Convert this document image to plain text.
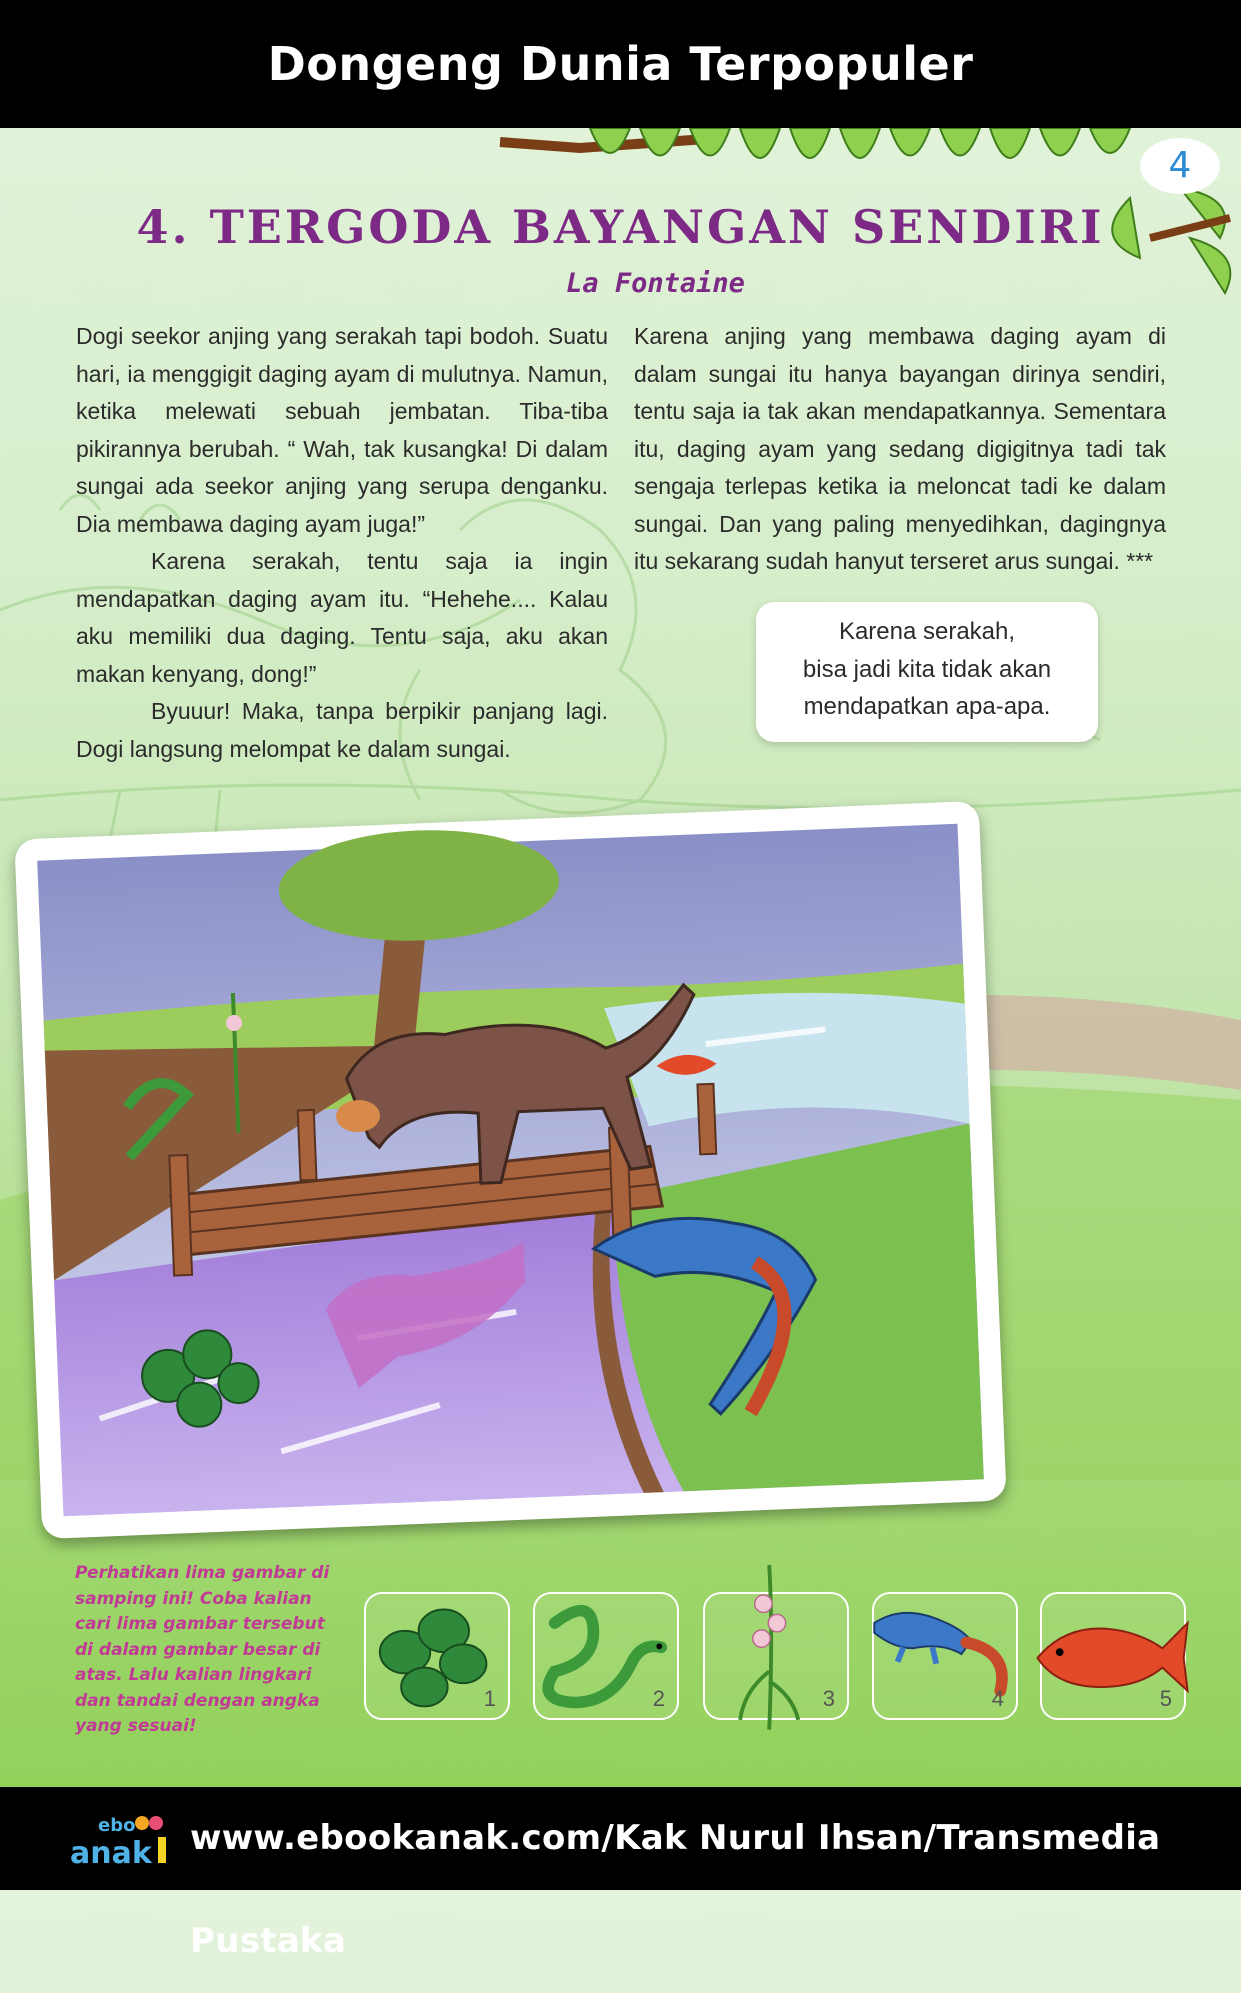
Dongeng Dunia Terpopuler
4
4. TERGODA BAYANGAN SENDIRI
La Fontaine

Dogi seekor anjing yang serakah tapi bodoh. Suatu hari, ia menggigit daging ayam di mulutnya. Namun, ketika melewati sebuah jembatan. Tiba-tiba pikirannya berubah. “ Wah, tak kusangka! Di dalam sungai ada seekor anjing yang serupa denganku. Dia membawa daging ayam juga!”

Karena serakah, tentu saja ia ingin mendapatkan daging ayam itu. “Hehehe.... Kalau aku memiliki dua daging. Tentu saja, aku akan makan kenyang, dong!”

Byuuur! Maka, tanpa berpikir panjang lagi. Dogi langsung melompat ke dalam sungai.

Karena anjing yang membawa daging ayam di dalam sungai itu hanya bayangan dirinya sendiri, tentu saja ia tak akan mendapatkannya. Sementara itu, daging ayam yang sedang digigitnya tadi tak sengaja terlepas ketika ia meloncat tadi ke dalam sungai. Dan yang paling menyedihkan, dagingnya itu sekarang sudah hanyut terseret arus sungai. ***

Karena serakah,
bisa jadi kita tidak akan
mendapatkan apa-apa.
Perhatikan lima gambar di samping ini! Coba kalian cari lima gambar tersebut di dalam gambar besar di atas. Lalu kalian lingkari dan tandai dengan angka yang sesuai!
1	2	3	4	5
ebo
anak www.ebookanak.com/Kak Nurul Ihsan/Transmedia Pustaka
